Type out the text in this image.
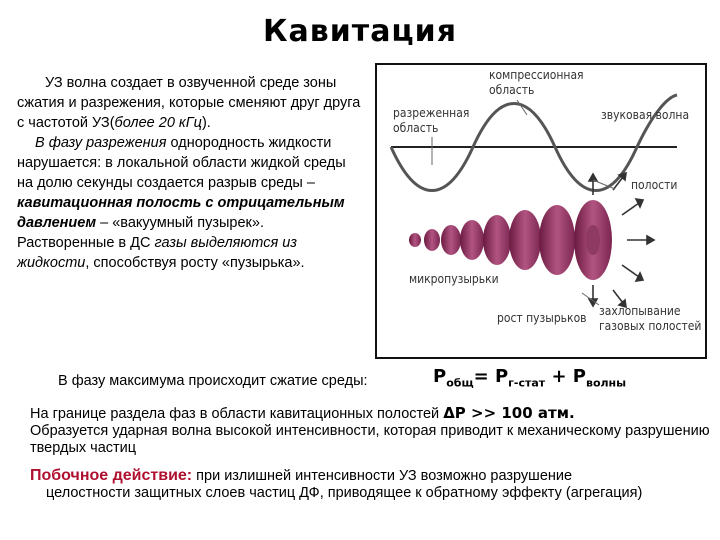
Кавитация

УЗ волна создает в озвученной среде зоны сжатия и разрежения, которые сменяют друг друга с частотой УЗ(более 20 кГц).

В фазу разрежения однородность жидкости нарушается: в локальной области жидкой среды на долю секунды создается разрыв среды – кавитационная полость с отрицательным давлением – «вакуумный пузырек». Растворенные в ДС газы выделяются из жидкости, способствуя росту «пузырька».

компрессионная
область
разреженная
область
звуковая волна
полости
микропузырьки
рост пузырьков захлопывание
газовых полостей
В фазу максимума происходит сжатие среды:	$Р_{общ}= Р_{г-стат} + Р_{волны}$

На границе раздела фаз в области кавитационных полостей ΔР >> 100 атм.

Образуется ударная волна высокой интенсивности, которая приводит к механическому разрушению твердых частиц

Побочное действие: при излишней интенсивности УЗ возможно разрушение
целостности защитных слоев частиц ДФ, приводящее к обратному эффекту (агрегация)
